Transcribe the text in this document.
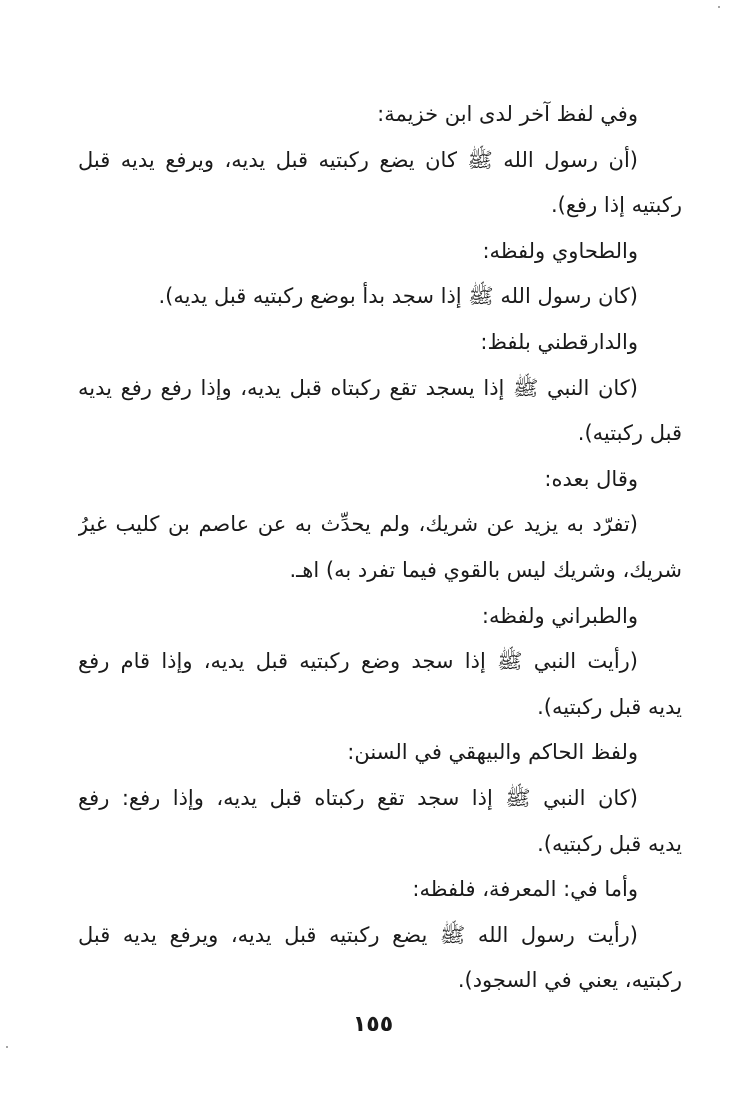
وفي لفظ آخر لدى ابن خزيمة:
(أن رسول الله ﷺ كان يضع ركبتيه قبل يديه، ويرفع يديه قبل
ركبتيه إذا رفع).
والطحاوي ولفظه:
(كان رسول الله ﷺ إذا سجد بدأ بوضع ركبتيه قبل يديه).
والدارقطني بلفظ:
(كان النبي ﷺ إذا يسجد تقع ركبتاه قبل يديه، وإذا رفع رفع يديه
قبل ركبتيه).
وقال بعده:
(تفرّد به يزيد عن شريك، ولم يحدِّث به عن عاصم بن كليب غيرُ
شريك، وشريك ليس بالقوي فيما تفرد به) اهـ.
والطبراني ولفظه:
(رأيت النبي ﷺ إذا سجد وضع ركبتيه قبل يديه، وإذا قام رفع
يديه قبل ركبتيه).
ولفظ الحاكم والبيهقي في السنن:
(كان النبي ﷺ إذا سجد تقع ركبتاه قبل يديه، وإذا رفع: رفع
يديه قبل ركبتيه).
وأما في: المعرفة، فلفظه:
(رأيت رسول الله ﷺ يضع ركبتيه قبل يديه، ويرفع يديه قبل
ركبتيه، يعني في السجود).
١٥٥
